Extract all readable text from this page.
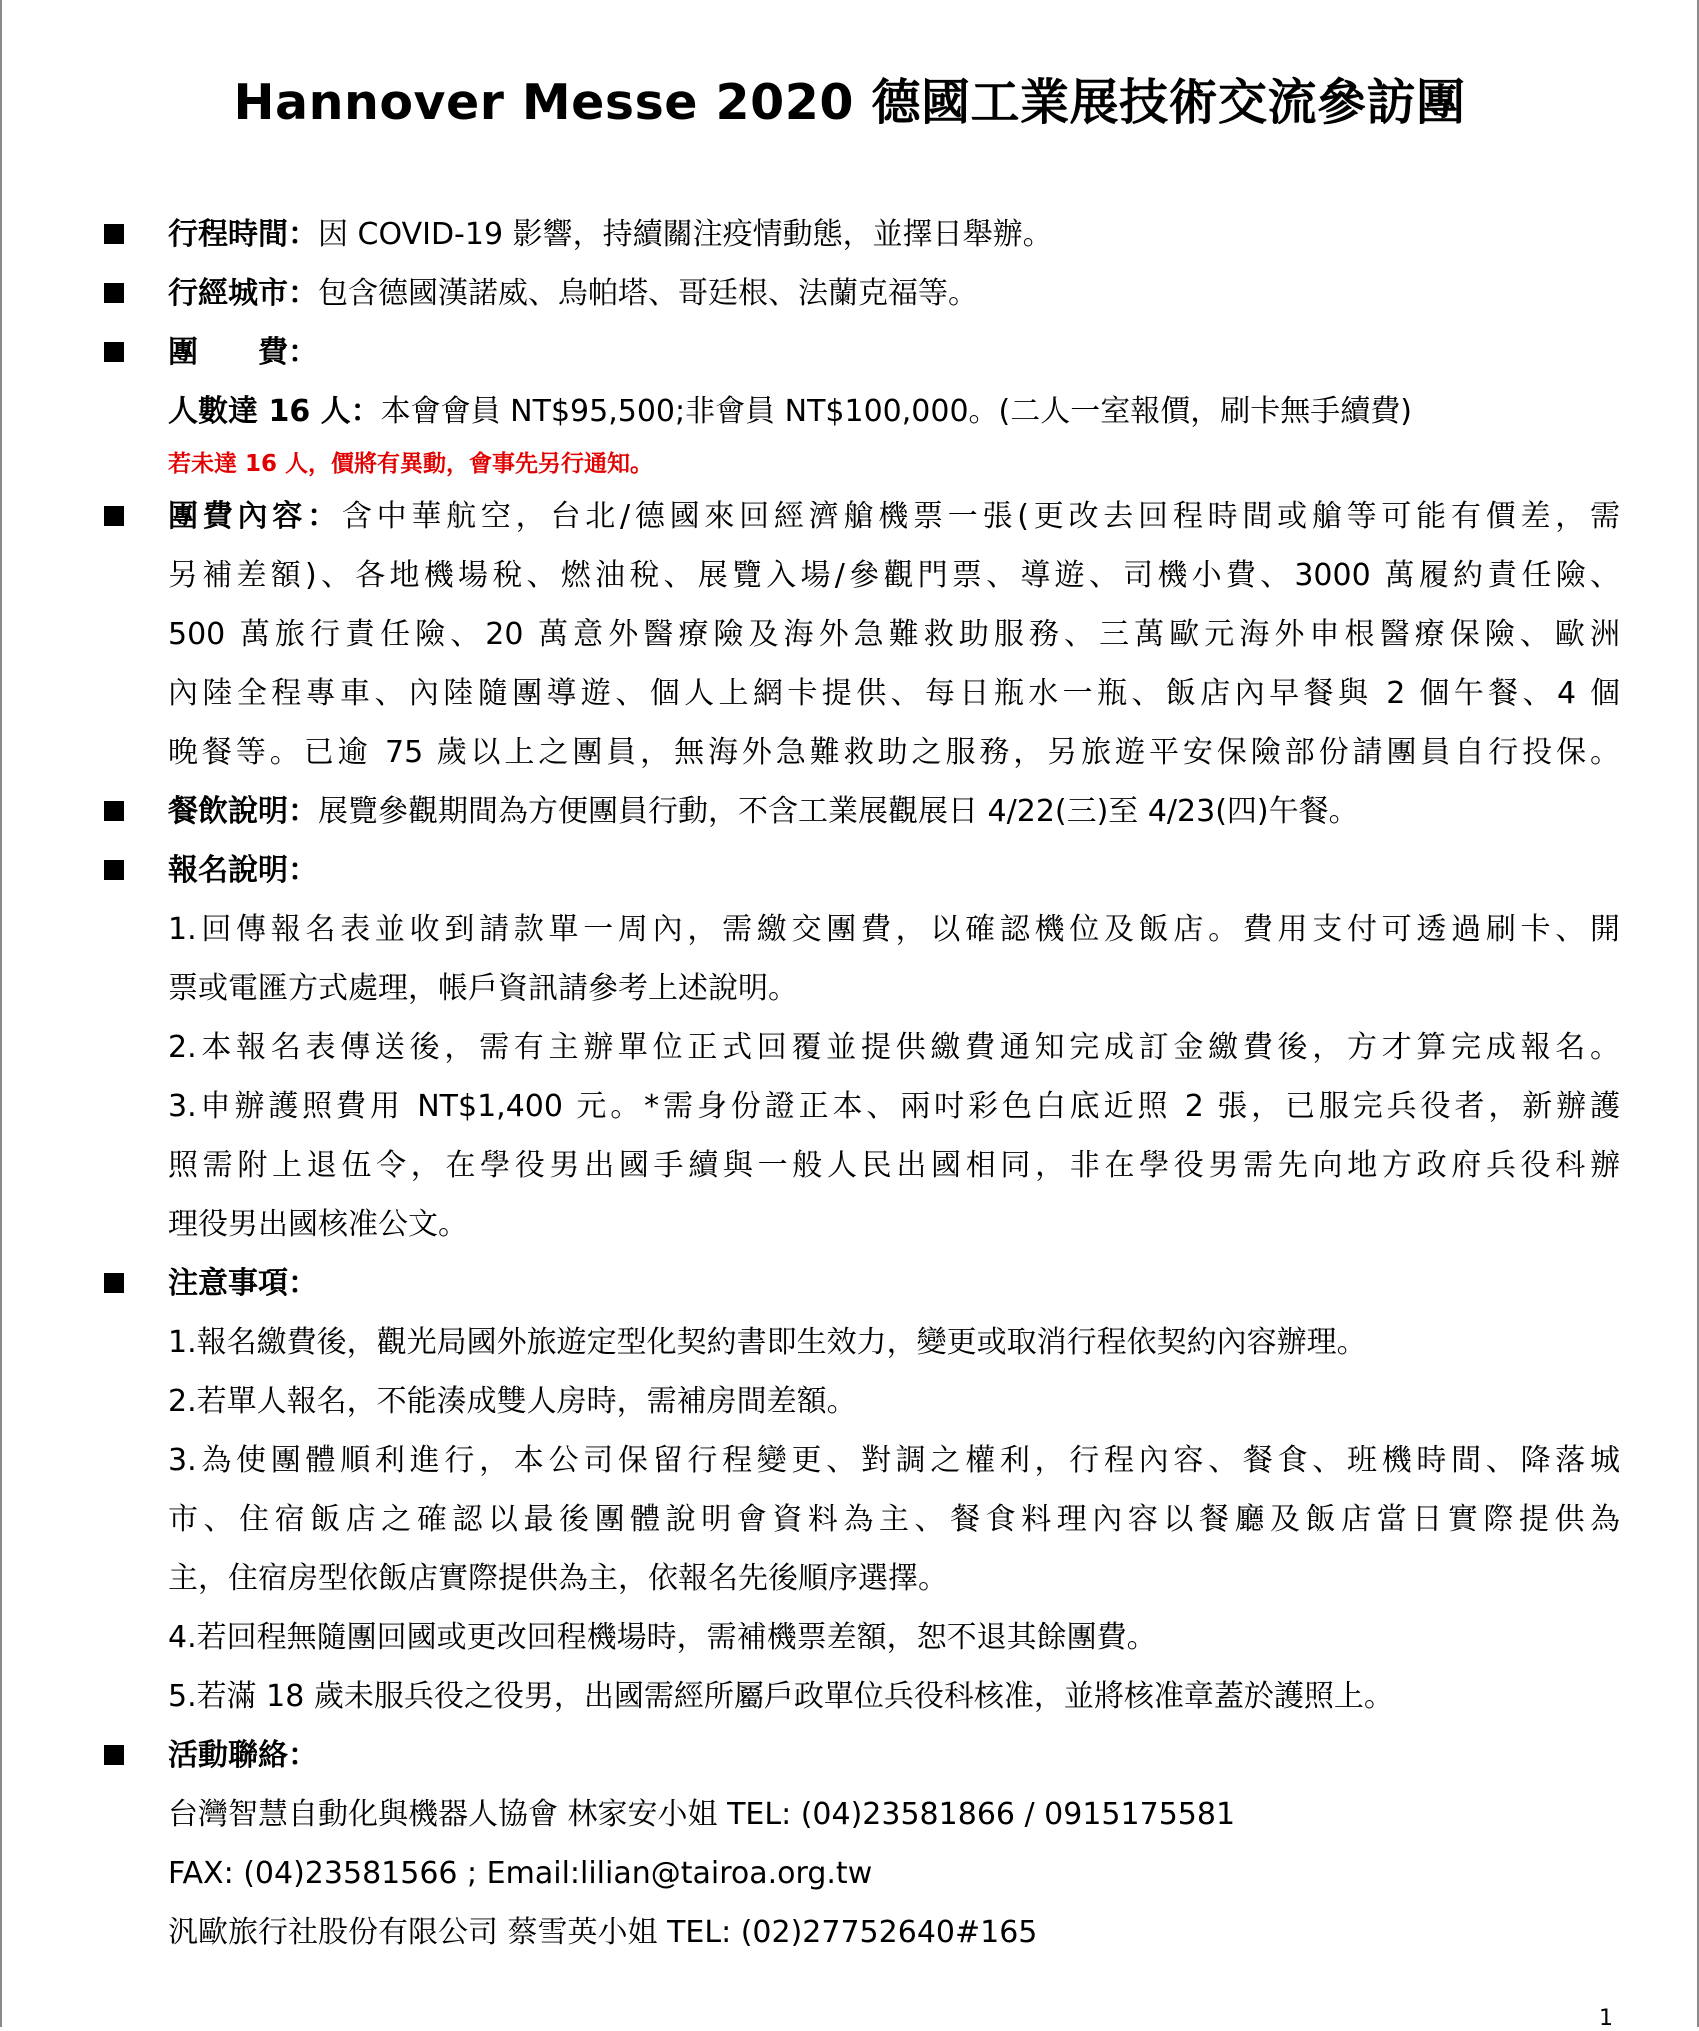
Hannover Messe 2020 德國工業展技術交流參訪團
行程時間：因 COVID-19 影響，持續關注疫情動態，並擇日舉辦。
行經城市：包含德國漢諾威、烏帕塔、哥廷根、法蘭克福等。
團　　費：
人數達 16 人：本會會員 NT$95,500;非會員 NT$100,000。(二人一室報價，刷卡無手續費)
若未達 16 人，價將有異動，會事先另行通知。
團費內容：含中華航空，台北/德國來回經濟艙機票一張(更改去回程時間或艙等可能有價差，需
另補差額)、各地機場稅、燃油稅、展覽入場/參觀門票、導遊、司機小費、3000 萬履約責任險、
500 萬旅行責任險、20 萬意外醫療險及海外急難救助服務、三萬歐元海外申根醫療保險、歐洲
內陸全程專車、內陸隨團導遊、個人上網卡提供、每日瓶水一瓶、飯店內早餐與 2 個午餐、4 個
晚餐等。已逾 75 歲以上之團員，無海外急難救助之服務，另旅遊平安保險部份請團員自行投保。
餐飲說明：展覽參觀期間為方便團員行動，不含工業展觀展日 4/22(三)至 4/23(四)午餐。
報名說明：
1.回傳報名表並收到請款單一周內，需繳交團費，以確認機位及飯店。費用支付可透過刷卡、開
票或電匯方式處理，帳戶資訊請參考上述說明。
2.本報名表傳送後，需有主辦單位正式回覆並提供繳費通知完成訂金繳費後，方才算完成報名。
3.申辦護照費用 NT$1,400 元。*需身份證正本、兩吋彩色白底近照 2 張，已服完兵役者，新辦護
照需附上退伍令，在學役男出國手續與一般人民出國相同，非在學役男需先向地方政府兵役科辦
理役男出國核准公文。
注意事項：
1.報名繳費後，觀光局國外旅遊定型化契約書即生效力，變更或取消行程依契約內容辦理。
2.若單人報名，不能湊成雙人房時，需補房間差額。
3.為使團體順利進行，本公司保留行程變更、對調之權利，行程內容、餐食、班機時間、降落城
市、住宿飯店之確認以最後團體說明會資料為主、餐食料理內容以餐廳及飯店當日實際提供為
主，住宿房型依飯店實際提供為主，依報名先後順序選擇。
4.若回程無隨團回國或更改回程機場時，需補機票差額，恕不退其餘團費。
5.若滿 18 歲未服兵役之役男，出國需經所屬戶政單位兵役科核准，並將核准章蓋於護照上。
活動聯絡：
台灣智慧自動化與機器人協會 林家安小姐 TEL: (04)23581866 / 0915175581
FAX: (04)23581566 ; Email:lilian@tairoa.org.tw
汎歐旅行社股份有限公司 蔡雪英小姐 TEL: (02)27752640#165
1
